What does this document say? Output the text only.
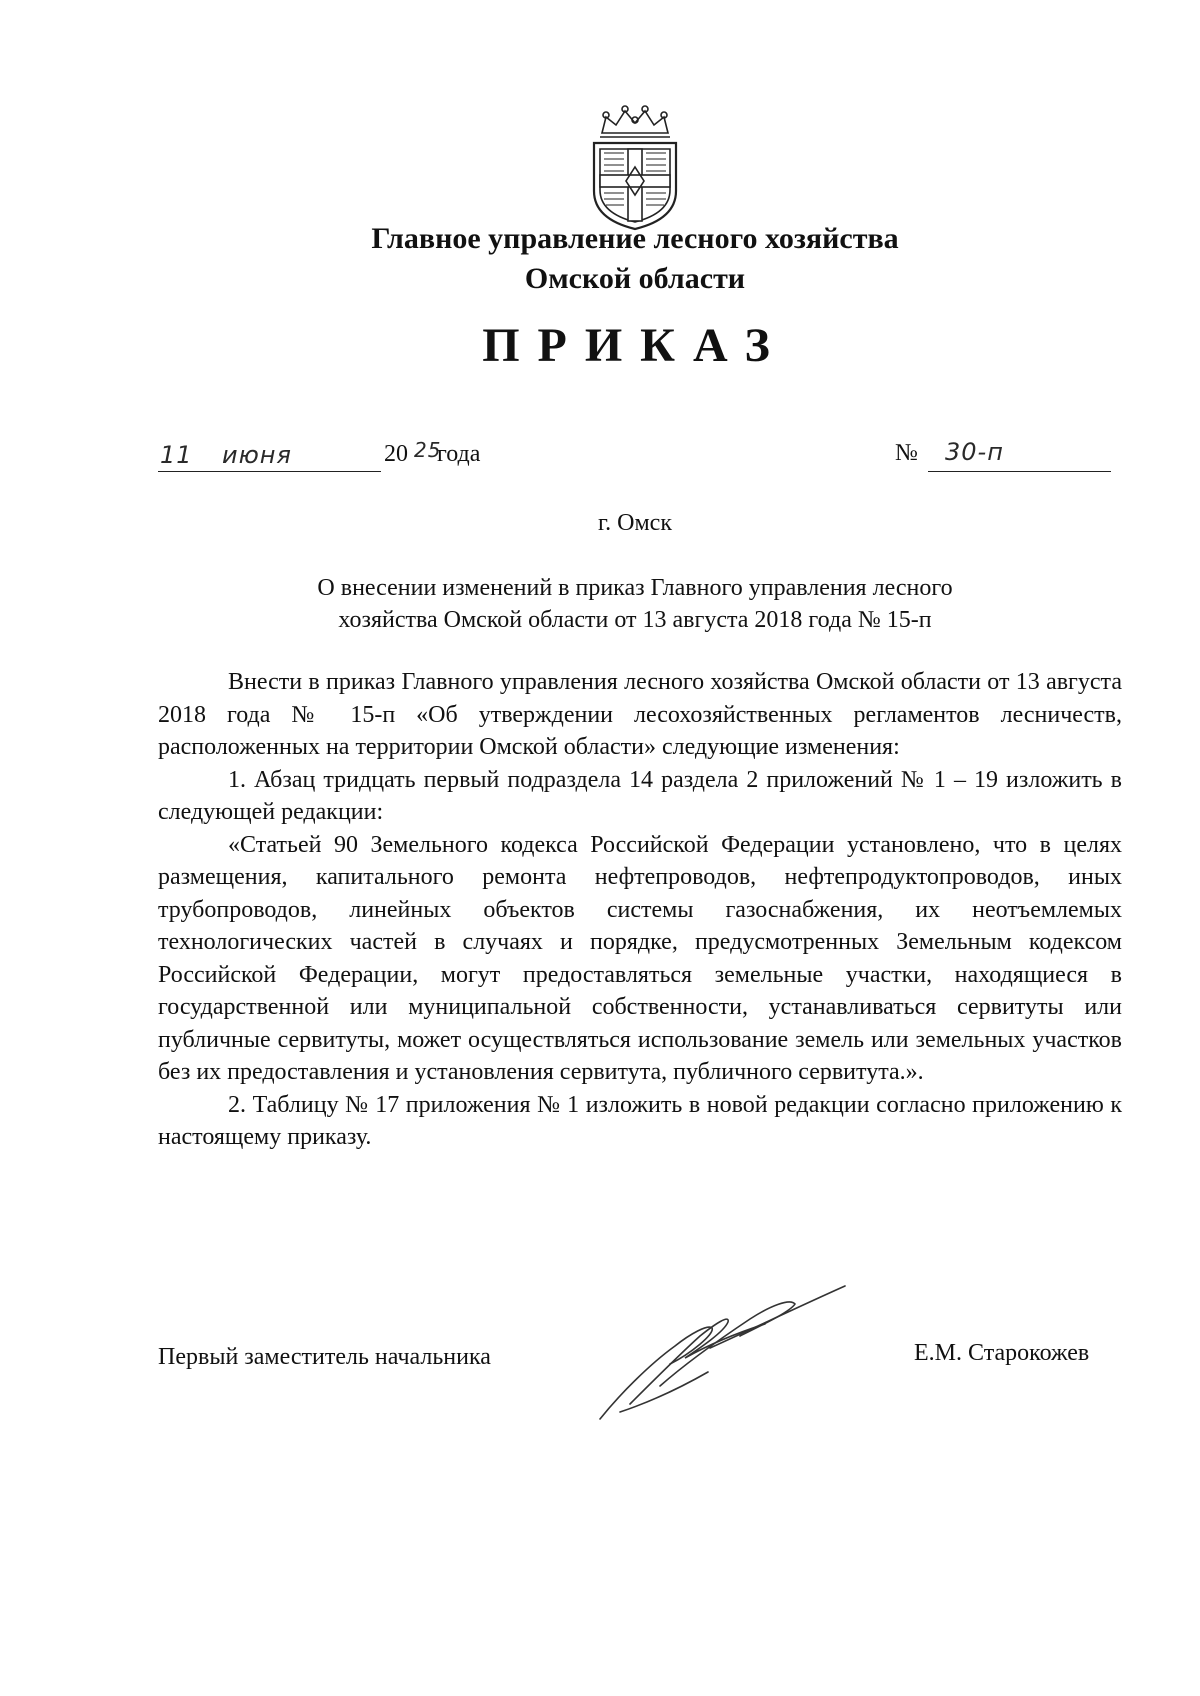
Главное управление лесного хозяйства
Омской области
ПРИКАЗ
11 июня	20 25
года	№ 30-п
г. Омск
О внесении изменений в приказ Главного управления лесного
хозяйства Омской области от 13 августа 2018 года № 15-п

Внести в приказ Главного управления лесного хозяйства Омской области от 13 августа 2018 года № 15-п «Об утверждении лесохозяйственных регламентов лесничеств, расположенных на территории Омской области» следующие изменения:

1. Абзац тридцать первый подраздела 14 раздела 2 приложений № 1 – 19 изложить в следующей редакции:

«Статьей 90 Земельного кодекса Российской Федерации установлено, что в целях размещения, капитального ремонта нефтепроводов, нефтепродуктопроводов, иных трубопроводов, линейных объектов системы газоснабжения, их неотъемлемых технологических частей в случаях и порядке, предусмотренных Земельным кодексом Российской Федерации, могут предоставляться земельные участки, находящиеся в государственной или муниципальной собственности, устанавливаться сервитуты или публичные сервитуты, может осуществляться использование земель или земельных участков без их предоставления и установления сервитута, публичного сервитута.».

2. Таблицу № 17 приложения № 1 изложить в новой редакции согласно приложению к настоящему приказу.

Первый заместитель начальника	Е.М. Старокожев
